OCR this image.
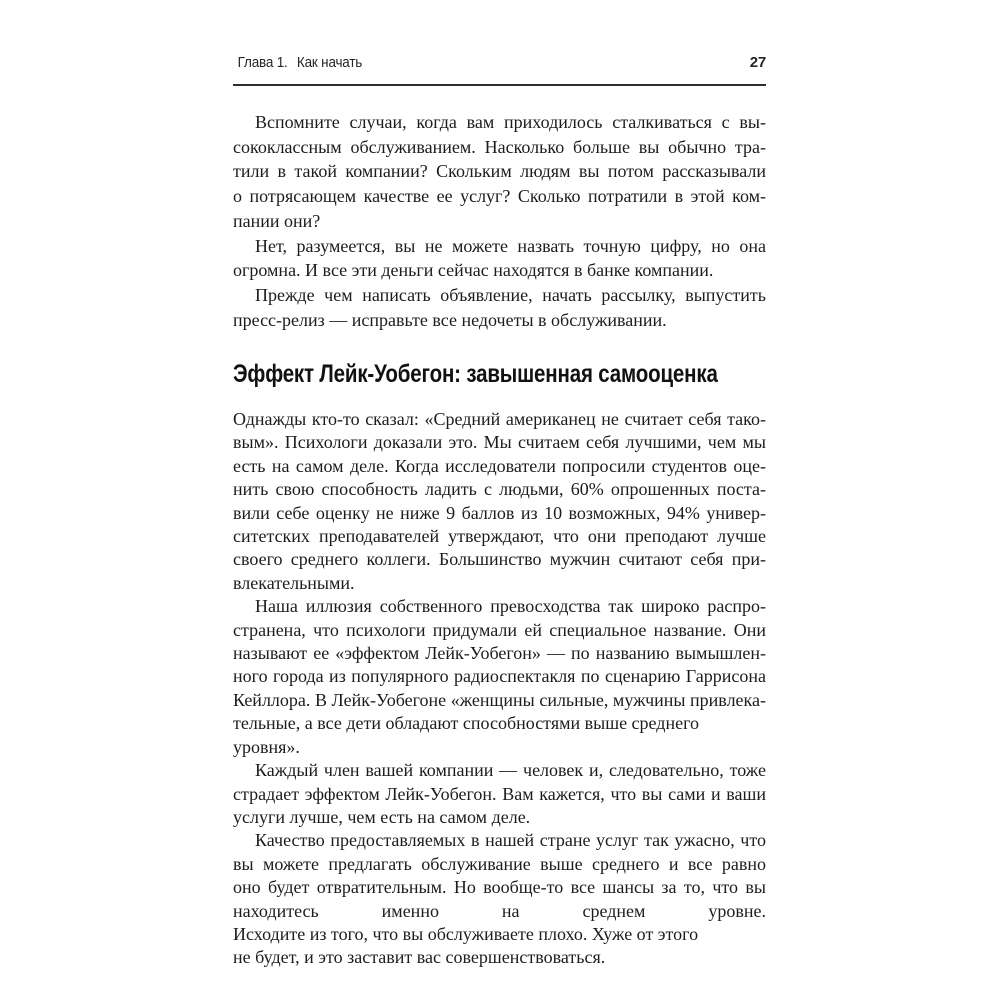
Глава 1. Как начать	27

Вспомните случаи, когда вам приходилось сталкиваться с вы-
сококлассным обслуживанием. Насколько больше вы обычно тра-
тили в такой компании? Скольким людям вы потом рассказывали
о потрясающем качестве ее услуг? Сколько потратили в этой ком-
пании они?

Нет, разумеется, вы не можете назвать точную цифру, но она
огромна. И все эти деньги сейчас находятся в банке компании.

Прежде чем написать объявление, начать рассылку, выпустить
пресс-релиз — исправьте все недочеты в обслуживании.

Эффект Лейк-Уобегон: завышенная самооценка

Однажды кто-то сказал: «Средний американец не считает себя тако-
вым». Психологи доказали это. Мы считаем себя лучшими, чем мы
есть на самом деле. Когда исследователи попросили студентов оце-
нить свою способность ладить с людьми, 60% опрошенных поста-
вили себе оценку не ниже 9 баллов из 10 возможных, 94% универ-
ситетских преподавателей утверждают, что они преподают лучше
своего среднего коллеги. Большинство мужчин считают себя при-
влекательными.

Наша иллюзия собственного превосходства так широко распро-
странена, что психологи придумали ей специальное название. Они
называют ее «эффектом Лейк-Уобегон» — по названию вымышлен-
ного города из популярного радиоспектакля по сценарию Гаррисона
Кейллора. В Лейк-Уобегоне «женщины сильные, мужчины привлека-
тельные, а все дети обладают способностями выше среднего уровня».

Каждый член вашей компании — человек и, следовательно, тоже
страдает эффектом Лейк-Уобегон. Вам кажется, что вы сами и ваши
услуги лучше, чем есть на самом деле.

Качество предоставляемых в нашей стране услуг так ужасно, что
вы можете предлагать обслуживание выше среднего и все равно
оно будет отвратительным. Но вообще-то все шансы за то, что вы
находитесь именно на среднем уровне.
Исходите из того, что вы обслуживаете плохо. Хуже от этого

не будет, и это заставит вас совершенствоваться.
